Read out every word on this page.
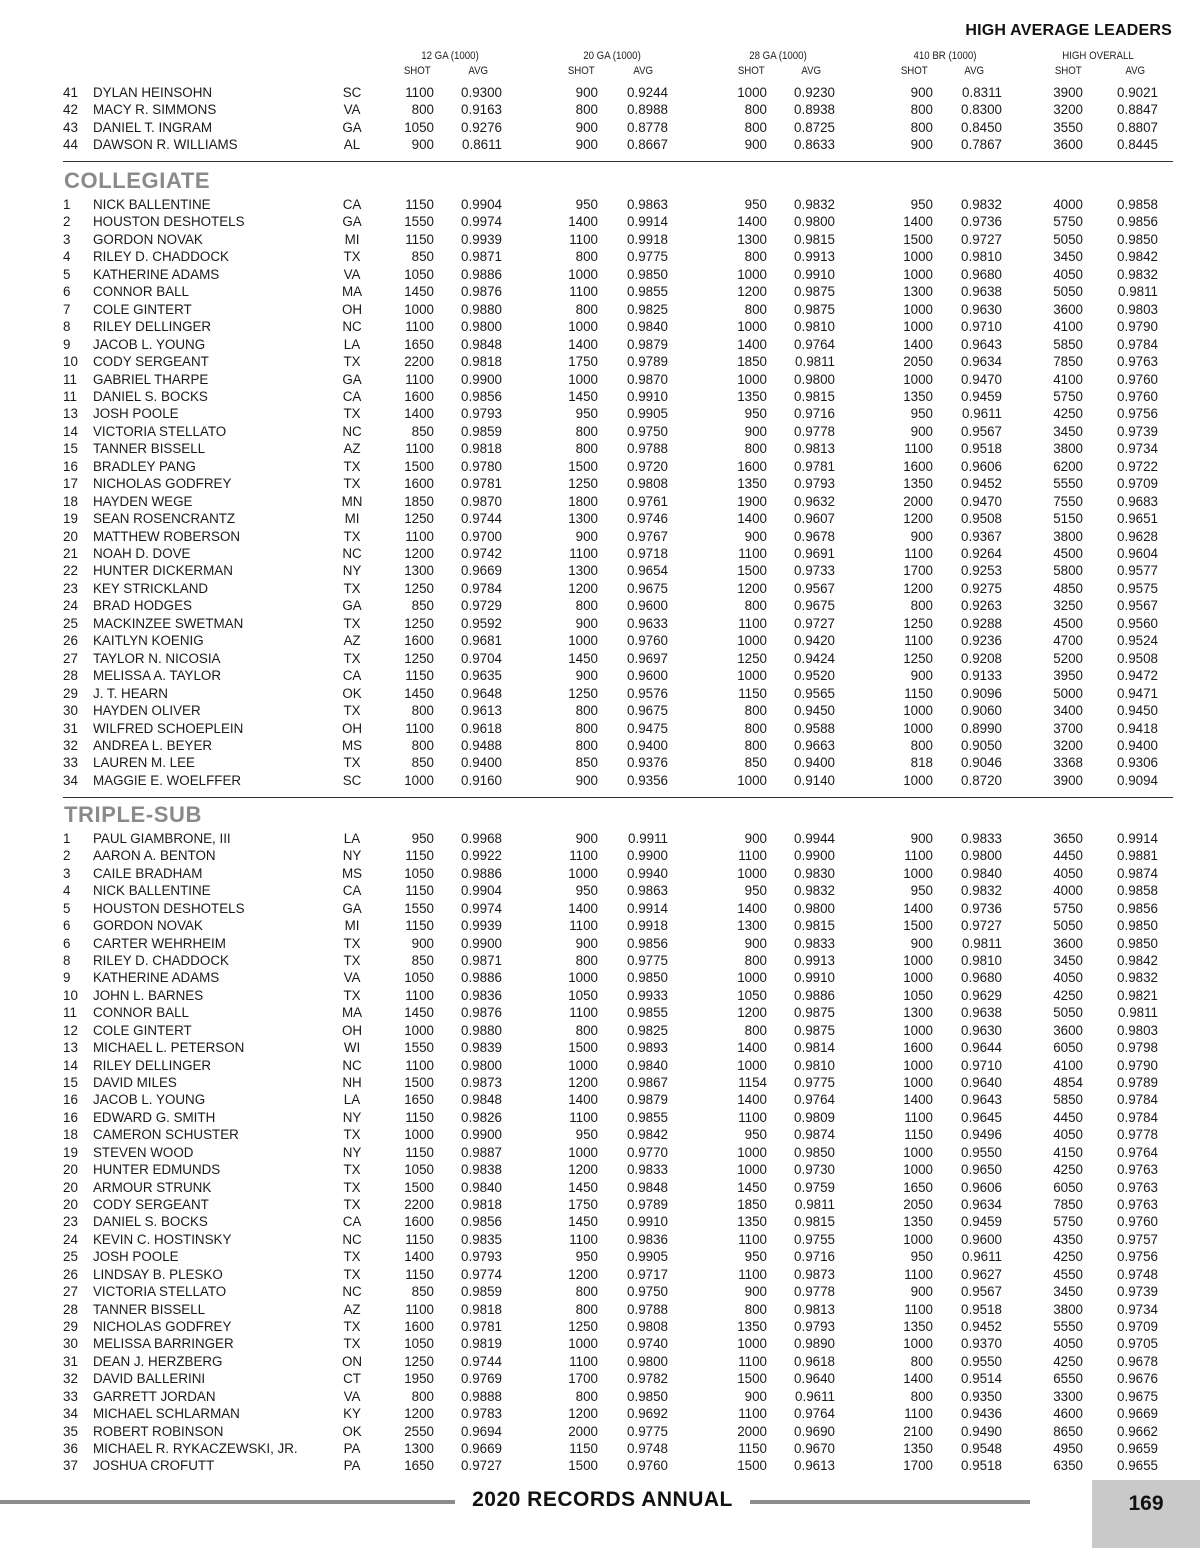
HIGH AVERAGE LEADERS
12 GA (1000)	20 GA (1000)	28 GA (1000)	410 BR (1000)	HIGH OVERALL
SHOT	AVG	SHOT	AVG	SHOT	AVG	SHOT	AVG	SHOT	AVG
41 DYLAN HEINSOHN	SC	1100 0.9300	900 0.9244	1000 0.9230	900 0.8311	3900	0.9021
42 MACY R. SIMMONS	VA	800 0.9163	800 0.8988	800 0.8938	800 0.8300	3200	0.8847
43 DANIEL T. INGRAM	GA	1050 0.9276	900 0.8778	800 0.8725	800 0.8450	3550	0.8807
44 DAWSON R. WILLIAMS	AL	900 0.8611	900 0.8667	900 0.8633	900 0.7867	3600	0.8445
COLLEGIATE
1 NICK BALLENTINE	CA	1150 0.9904	950 0.9863	950 0.9832	950 0.9832	4000	0.9858
2 HOUSTON DESHOTELS	GA	1550 0.9974	1400 0.9914	1400 0.9800	1400 0.9736	5750	0.9856
3 GORDON NOVAK	MI	1150 0.9939	1100 0.9918	1300 0.9815	1500 0.9727	5050	0.9850
4 RILEY D. CHADDOCK	TX	850 0.9871	800 0.9775	800 0.9913	1000 0.9810	3450	0.9842
5 KATHERINE ADAMS	VA	1050 0.9886	1000 0.9850	1000 0.9910	1000 0.9680	4050	0.9832
6 CONNOR BALL	MA	1450 0.9876	1100 0.9855	1200 0.9875	1300 0.9638	5050	0.9811
7 COLE GINTERT	OH	1000 0.9880	800 0.9825	800 0.9875	1000 0.9630	3600	0.9803
8 RILEY DELLINGER	NC	1100 0.9800	1000 0.9840	1000 0.9810	1000 0.9710	4100	0.9790
9 JACOB L. YOUNG	LA	1650 0.9848	1400 0.9879	1400 0.9764	1400 0.9643	5850	0.9784
10 CODY SERGEANT	TX	2200 0.9818	1750 0.9789	1850 0.9811	2050 0.9634	7850	0.9763
11 GABRIEL THARPE	GA	1100 0.9900	1000 0.9870	1000 0.9800	1000 0.9470	4100	0.9760
11 DANIEL S. BOCKS	CA	1600 0.9856	1450 0.9910	1350 0.9815	1350 0.9459	5750	0.9760
13 JOSH POOLE	TX	1400 0.9793	950 0.9905	950 0.9716	950 0.9611	4250	0.9756
14 VICTORIA STELLATO	NC	850 0.9859	800 0.9750	900 0.9778	900 0.9567	3450	0.9739
15 TANNER BISSELL	AZ	1100 0.9818	800 0.9788	800 0.9813	1100 0.9518	3800	0.9734
16 BRADLEY PANG	TX	1500 0.9780	1500 0.9720	1600 0.9781	1600 0.9606	6200	0.9722
17 NICHOLAS GODFREY	TX	1600 0.9781	1250 0.9808	1350 0.9793	1350 0.9452	5550	0.9709
18 HAYDEN WEGE	MN	1850 0.9870	1800 0.9761	1900 0.9632	2000 0.9470	7550	0.9683
19 SEAN ROSENCRANTZ	MI	1250 0.9744	1300 0.9746	1400 0.9607	1200 0.9508	5150	0.9651
20 MATTHEW ROBERSON	TX	1100 0.9700	900 0.9767	900 0.9678	900 0.9367	3800	0.9628
21 NOAH D. DOVE	NC	1200 0.9742	1100 0.9718	1100 0.9691	1100 0.9264	4500	0.9604
22 HUNTER DICKERMAN	NY	1300 0.9669	1300 0.9654	1500 0.9733	1700 0.9253	5800	0.9577
23 KEY STRICKLAND	TX	1250 0.9784	1200 0.9675	1200 0.9567	1200 0.9275	4850	0.9575
24 BRAD HODGES	GA	850 0.9729	800 0.9600	800 0.9675	800 0.9263	3250	0.9567
25 MACKINZEE SWETMAN	TX	1250 0.9592	900 0.9633	1100 0.9727	1250 0.9288	4500	0.9560
26 KAITLYN KOENIG	AZ	1600 0.9681	1000 0.9760	1000 0.9420	1100 0.9236	4700	0.9524
27 TAYLOR N. NICOSIA	TX	1250 0.9704	1450 0.9697	1250 0.9424	1250 0.9208	5200	0.9508
28 MELISSA A. TAYLOR	CA	1150 0.9635	900 0.9600	1000 0.9520	900 0.9133	3950	0.9472
29 J. T. HEARN	OK	1450 0.9648	1250 0.9576	1150 0.9565	1150 0.9096	5000	0.9471
30 HAYDEN OLIVER	TX	800 0.9613	800 0.9675	800 0.9450	1000 0.9060	3400	0.9450
31 WILFRED SCHOEPLEIN	OH	1100 0.9618	800 0.9475	800 0.9588	1000 0.8990	3700	0.9418
32 ANDREA L. BEYER	MS	800 0.9488	800 0.9400	800 0.9663	800 0.9050	3200	0.9400
33 LAUREN M. LEE	TX	850 0.9400	850 0.9376	850 0.9400	818 0.9046	3368	0.9306
34 MAGGIE E. WOELFFER	SC	1000 0.9160	900 0.9356	1000 0.9140	1000 0.8720	3900	0.9094
TRIPLE-SUB
1 PAUL GIAMBRONE, III	LA	950 0.9968	900 0.9911	900 0.9944	900 0.9833	3650	0.9914
2 AARON A. BENTON	NY	1150 0.9922	1100 0.9900	1100 0.9900	1100 0.9800	4450	0.9881
3 CAILE BRADHAM	MS	1050 0.9886	1000 0.9940	1000 0.9830	1000 0.9840	4050	0.9874
4 NICK BALLENTINE	CA	1150 0.9904	950 0.9863	950 0.9832	950 0.9832	4000	0.9858
5 HOUSTON DESHOTELS	GA	1550 0.9974	1400 0.9914	1400 0.9800	1400 0.9736	5750	0.9856
6 GORDON NOVAK	MI	1150 0.9939	1100 0.9918	1300 0.9815	1500 0.9727	5050	0.9850
6 CARTER WEHRHEIM	TX	900 0.9900	900 0.9856	900 0.9833	900 0.9811	3600	0.9850
8 RILEY D. CHADDOCK	TX	850 0.9871	800 0.9775	800 0.9913	1000 0.9810	3450	0.9842
9 KATHERINE ADAMS	VA	1050 0.9886	1000 0.9850	1000 0.9910	1000 0.9680	4050	0.9832
10 JOHN L. BARNES	TX	1100 0.9836	1050 0.9933	1050 0.9886	1050 0.9629	4250	0.9821
11 CONNOR BALL	MA	1450 0.9876	1100 0.9855	1200 0.9875	1300 0.9638	5050	0.9811
12 COLE GINTERT	OH	1000 0.9880	800 0.9825	800 0.9875	1000 0.9630	3600	0.9803
13 MICHAEL L. PETERSON	WI	1550 0.9839	1500 0.9893	1400 0.9814	1600 0.9644	6050	0.9798
14 RILEY DELLINGER	NC	1100 0.9800	1000 0.9840	1000 0.9810	1000 0.9710	4100	0.9790
15 DAVID MILES	NH	1500 0.9873	1200 0.9867	1154 0.9775	1000 0.9640	4854	0.9789
16 JACOB L. YOUNG	LA	1650 0.9848	1400 0.9879	1400 0.9764	1400 0.9643	5850	0.9784
16 EDWARD G. SMITH	NY	1150 0.9826	1100 0.9855	1100 0.9809	1100 0.9645	4450	0.9784
18 CAMERON SCHUSTER	TX	1000 0.9900	950 0.9842	950 0.9874	1150 0.9496	4050	0.9778
19 STEVEN WOOD	NY	1150 0.9887	1000 0.9770	1000 0.9850	1000 0.9550	4150	0.9764
20 HUNTER EDMUNDS	TX	1050 0.9838	1200 0.9833	1000 0.9730	1000 0.9650	4250	0.9763
20 ARMOUR STRUNK	TX	1500 0.9840	1450 0.9848	1450 0.9759	1650 0.9606	6050	0.9763
20 CODY SERGEANT	TX	2200 0.9818	1750 0.9789	1850 0.9811	2050 0.9634	7850	0.9763
23 DANIEL S. BOCKS	CA	1600 0.9856	1450 0.9910	1350 0.9815	1350 0.9459	5750	0.9760
24 KEVIN C. HOSTINSKY	NC	1150 0.9835	1100 0.9836	1100 0.9755	1000 0.9600	4350	0.9757
25 JOSH POOLE	TX	1400 0.9793	950 0.9905	950 0.9716	950 0.9611	4250	0.9756
26 LINDSAY B. PLESKO	TX	1150 0.9774	1200 0.9717	1100 0.9873	1100 0.9627	4550	0.9748
27 VICTORIA STELLATO	NC	850 0.9859	800 0.9750	900 0.9778	900 0.9567	3450	0.9739
28 TANNER BISSELL	AZ	1100 0.9818	800 0.9788	800 0.9813	1100 0.9518	3800	0.9734
29 NICHOLAS GODFREY	TX	1600 0.9781	1250 0.9808	1350 0.9793	1350 0.9452	5550	0.9709
30 MELISSA BARRINGER	TX	1050 0.9819	1000 0.9740	1000 0.9890	1000 0.9370	4050	0.9705
31 DEAN J. HERZBERG	ON	1250 0.9744	1100 0.9800	1100 0.9618	800 0.9550	4250	0.9678
32 DAVID BALLERINI	CT	1950 0.9769	1700 0.9782	1500 0.9640	1400 0.9514	6550	0.9676
33 GARRETT JORDAN	VA	800 0.9888	800 0.9850	900 0.9611	800 0.9350	3300	0.9675
34 MICHAEL SCHLARMAN	KY	1200 0.9783	1200 0.9692	1100 0.9764	1100 0.9436	4600	0.9669
35 ROBERT ROBINSON	OK	2550 0.9694	2000 0.9775	2000 0.9690	2100 0.9490	8650	0.9662
36 MICHAEL R. RYKACZEWSKI, JR.	PA	1300 0.9669	1150 0.9748	1150 0.9670	1350 0.9548	4950	0.9659
37 JOSHUA CROFUTT	PA	1650 0.9727	1500 0.9760	1500 0.9613	1700 0.9518	6350	0.9655
2020 RECORDS ANNUAL	169
